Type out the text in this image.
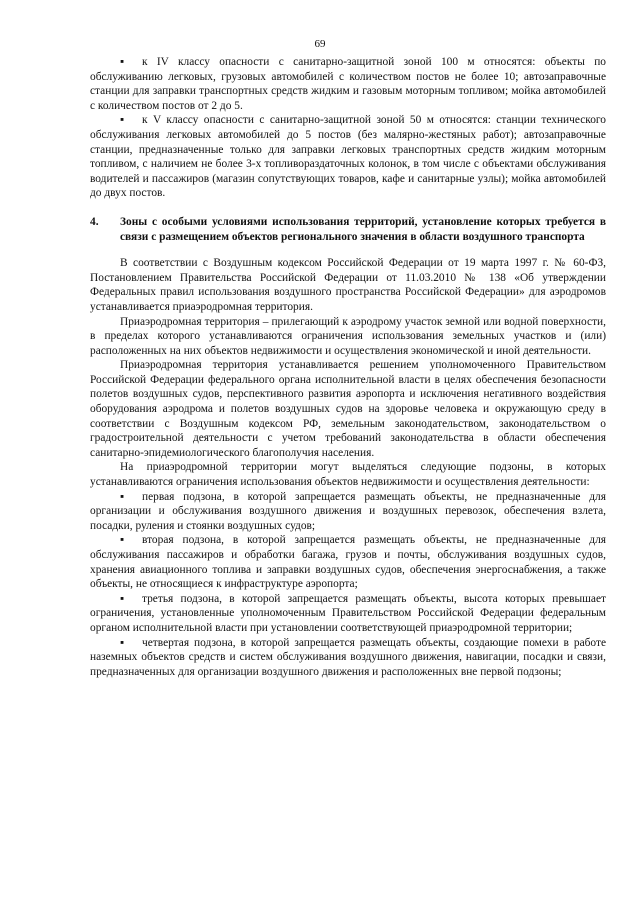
69

▪ к IV классу опасности с санитарно-защитной зоной 100 м относятся: объекты по обслуживанию легковых, грузовых автомобилей с количеством постов не более 10; автозаправочные станции для заправки транспортных средств жидким и газовым моторным топливом; мойка автомобилей с количеством постов от 2 до 5.

▪ к V классу опасности с санитарно-защитной зоной 50 м относятся: станции технического обслуживания легковых автомобилей до 5 постов (без малярно-жестяных работ); автозаправочные станции, предназначенные только для заправки легковых транспортных средств жидким моторным топливом, с наличием не более 3-х топливораздаточных колонок, в том числе с объектами обслуживания водителей и пассажиров (магазин сопутствующих товаров, кафе и санитарные узлы); мойка автомобилей до двух постов.

4. Зоны с особыми условиями использования территорий, установление которых требуется в связи с размещением объектов регионального значения в области воздушного транспорта

В соответствии с Воздушным кодексом Российской Федерации от 19 марта 1997 г. № 60-ФЗ, Постановлением Правительства Российской Федерации от 11.03.2010 № 138 «Об утверждении Федеральных правил использования воздушного пространства Российской Федерации» для аэродромов устанавливается приаэродромная территория.

Приаэродромная территория – прилегающий к аэродрому участок земной или водной поверхности, в пределах которого устанавливаются ограничения использования земельных участков и (или) расположенных на них объектов недвижимости и осуществления экономической и иной деятельности.

Приаэродромная территория устанавливается решением уполномоченного Правительством Российской Федерации федерального органа исполнительной власти в целях обеспечения безопасности полетов воздушных судов, перспективного развития аэропорта и исключения негативного воздействия оборудования аэродрома и полетов воздушных судов на здоровье человека и окружающую среду в соответствии с Воздушным кодексом РФ, земельным законодательством, законодательством о градостроительной деятельности с учетом требований законодательства в области обеспечения санитарно-эпидемиологического благополучия населения.

На приаэродромной территории могут выделяться следующие подзоны, в которых устанавливаются ограничения использования объектов недвижимости и осуществления деятельности:

▪ первая подзона, в которой запрещается размещать объекты, не предназначенные для организации и обслуживания воздушного движения и воздушных перевозок, обеспечения взлета, посадки, руления и стоянки воздушных судов;

▪ вторая подзона, в которой запрещается размещать объекты, не предназначенные для обслуживания пассажиров и обработки багажа, грузов и почты, обслуживания воздушных судов, хранения авиационного топлива и заправки воздушных судов, обеспечения энергоснабжения, а также объекты, не относящиеся к инфраструктуре аэропорта;

▪ третья подзона, в которой запрещается размещать объекты, высота которых превышает ограничения, установленные уполномоченным Правительством Российской Федерации федеральным органом исполнительной власти при установлении соответствующей приаэродромной территории;

▪ четвертая подзона, в которой запрещается размещать объекты, создающие помехи в работе наземных объектов средств и систем обслуживания воздушного движения, навигации, посадки и связи, предназначенных для организации воздушного движения и расположенных вне первой подзоны;
